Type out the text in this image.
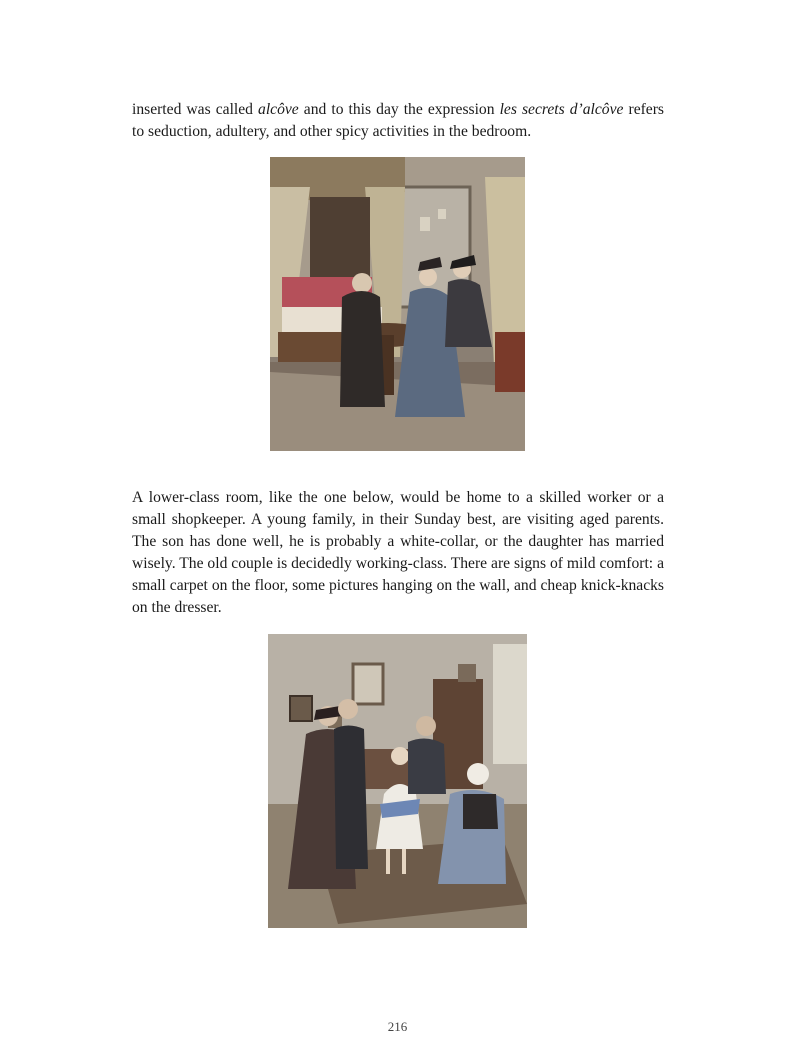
inserted was called alcôve and to this day the expression les secrets d’alcôve refers to seduction, adultery, and other spicy activities in the bedroom.

A lower-class room, like the one below, would be home to a skilled worker or a small shopkeeper. A young family, in their Sunday best, are visiting aged parents. The son has done well, he is probably a white-collar, or the daughter has married wisely. The old couple is decidedly working-class. There are signs of mild comfort: a small carpet on the floor, some pictures hanging on the wall, and cheap knick-knacks on the dresser.

216
